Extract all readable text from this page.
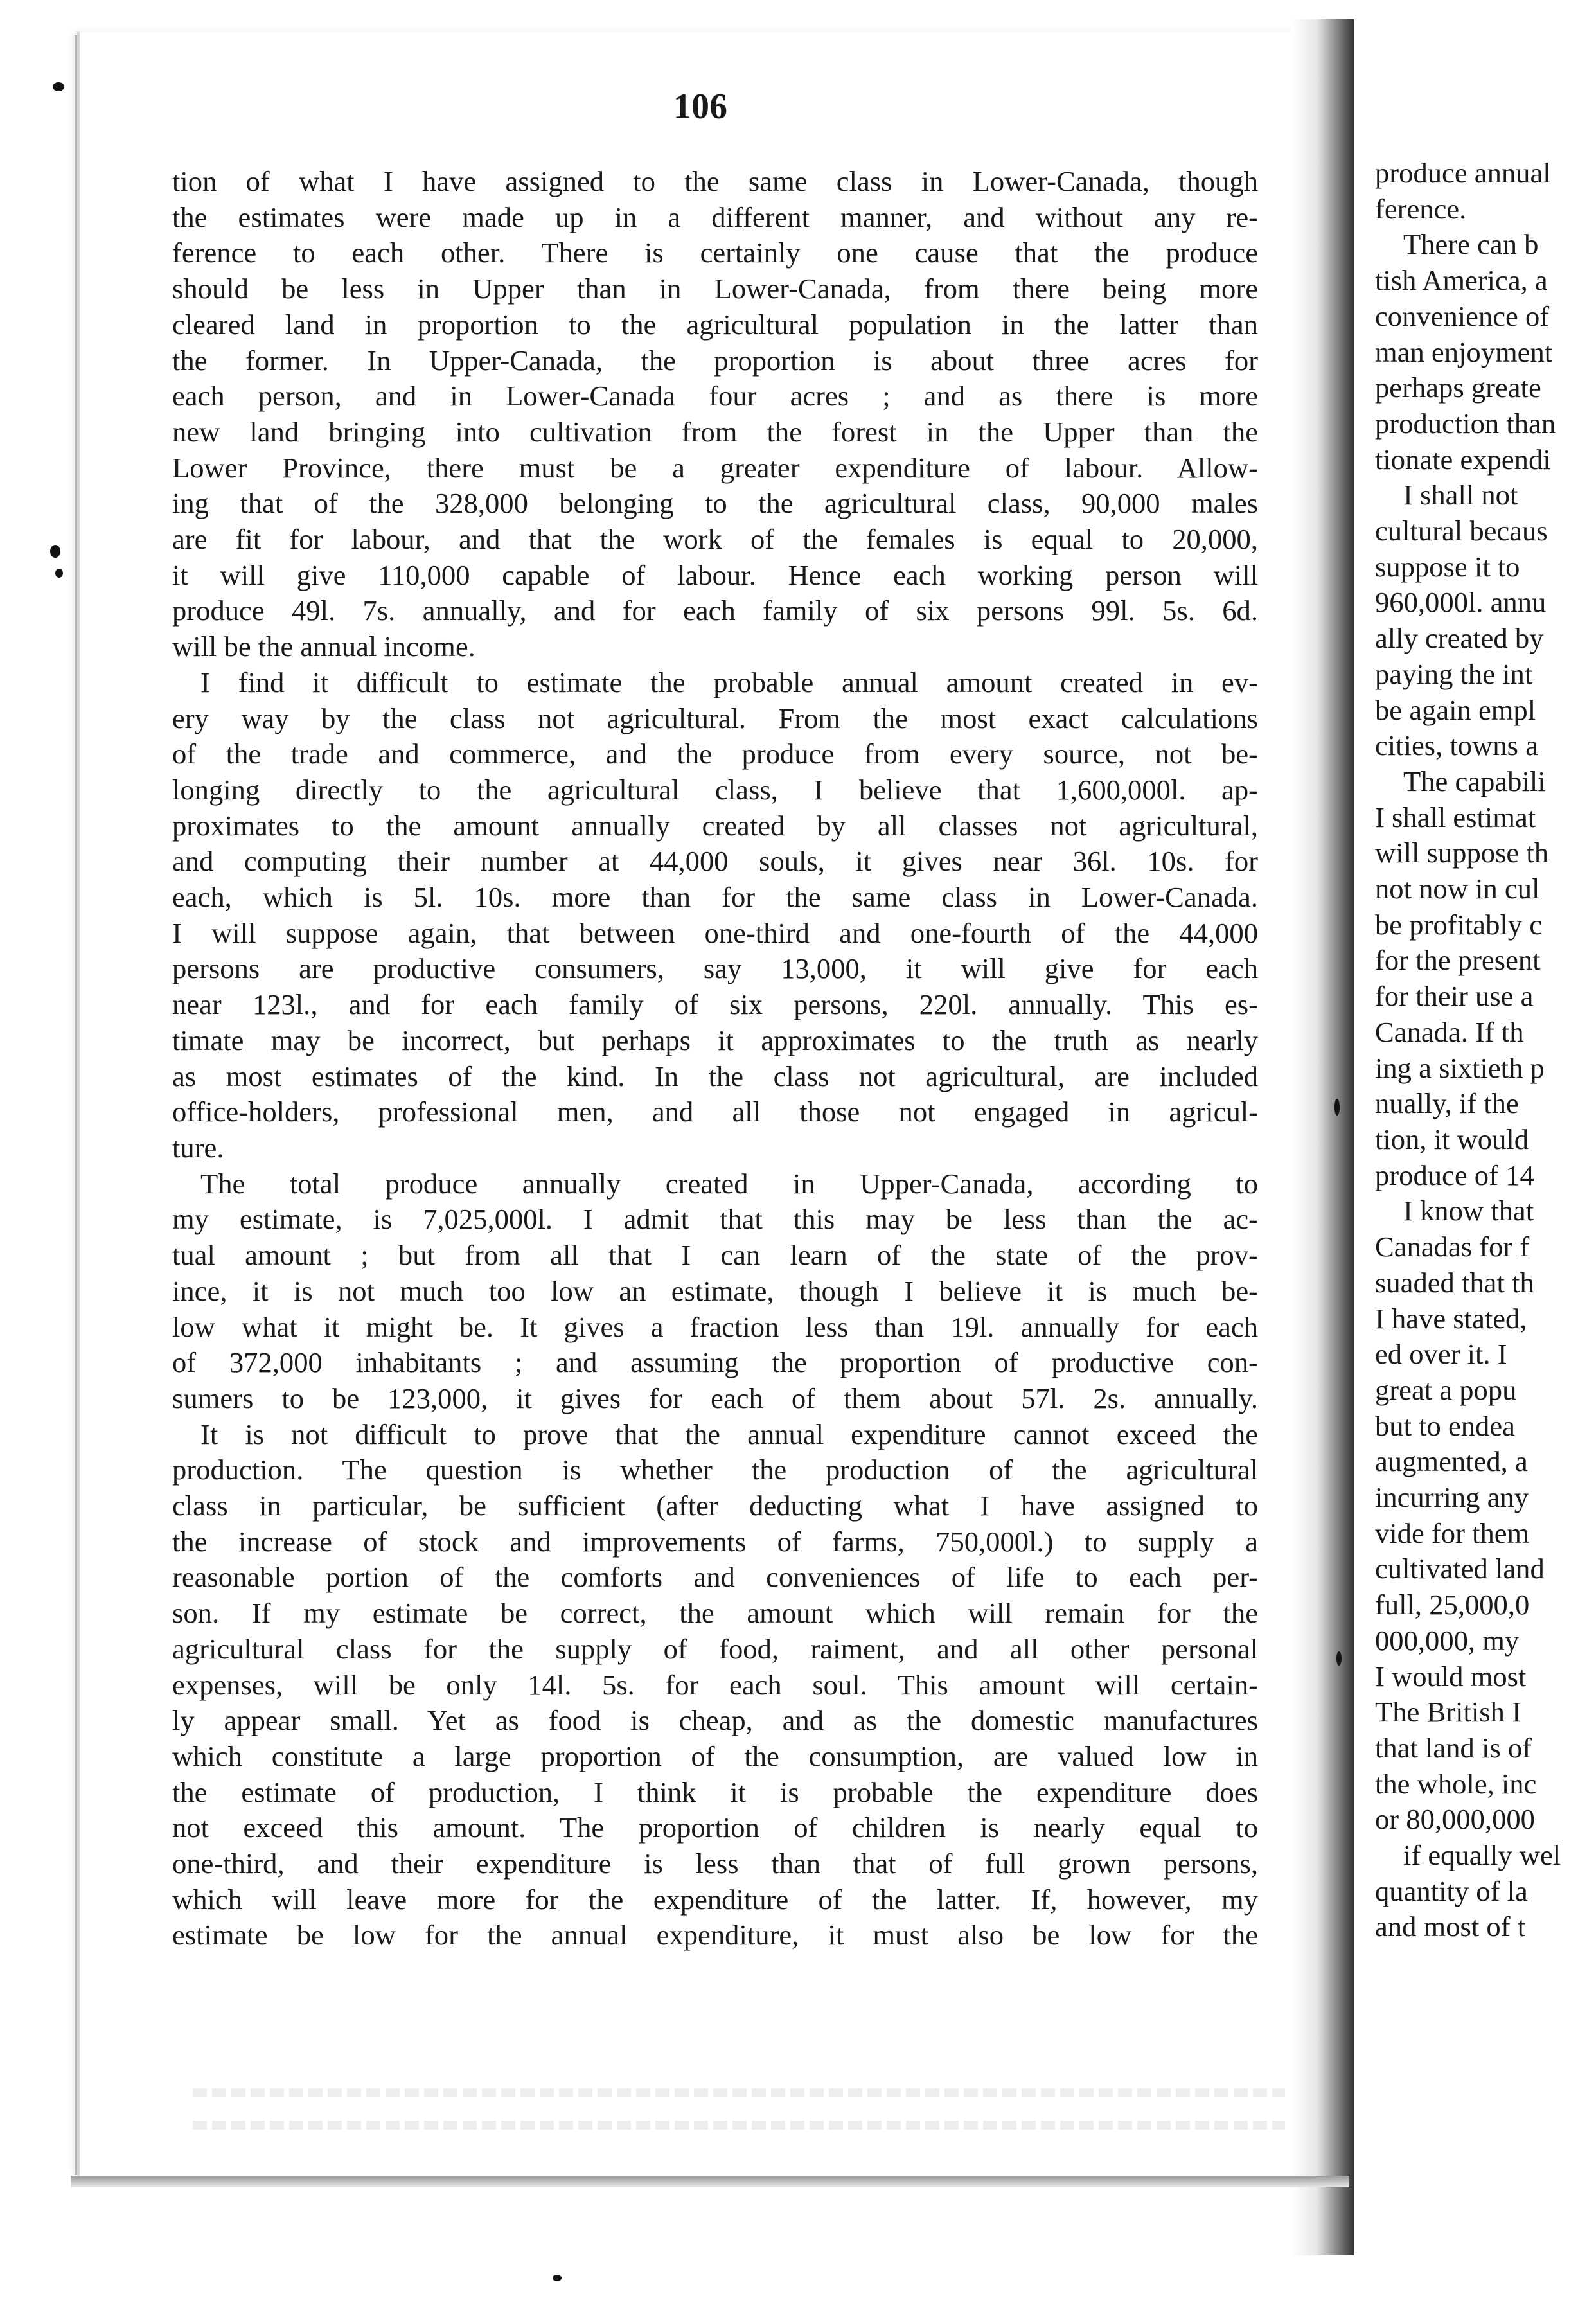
106

tion of what I have assigned to the same class in Lower-Canada, though

the estimates were made up in a different manner, and without any re-

ference to each other. There is certainly one cause that the produce

should be less in Upper than in Lower-Canada, from there being more

cleared land in proportion to the agricultural population in the latter than

the former. In Upper-Canada, the proportion is about three acres for

each person, and in Lower-Canada four acres ; and as there is more

new land bringing into cultivation from the forest in the Upper than the

Lower Province, there must be a greater expenditure of labour. Allow-

ing that of the 328,000 belonging to the agricultural class, 90,000 males

are fit for labour, and that the work of the females is equal to 20,000,

it will give 110,000 capable of labour. Hence each working person will

produce 49l. 7s. annually, and for each family of six persons 99l. 5s. 6d.

will be the annual income.

I find it difficult to estimate the probable annual amount created in ev-

ery way by the class not agricultural. From the most exact calculations

of the trade and commerce, and the produce from every source, not be-

longing directly to the agricultural class, I believe that 1,600,000l. ap-

proximates to the amount annually created by all classes not agricultural,

and computing their number at 44,000 souls, it gives near 36l. 10s. for

each, which is 5l. 10s. more than for the same class in Lower-Canada.

I will suppose again, that between one-third and one-fourth of the 44,000

persons are productive consumers, say 13,000, it will give for each

near 123l., and for each family of six persons, 220l. annually. This es-

timate may be incorrect, but perhaps it approximates to the truth as nearly

as most estimates of the kind. In the class not agricultural, are included

office-holders, professional men, and all those not engaged in agricul-

ture.

The total produce annually created in Upper-Canada, according to

my estimate, is 7,025,000l. I admit that this may be less than the ac-

tual amount ; but from all that I can learn of the state of the prov-

ince, it is not much too low an estimate, though I believe it is much be-

low what it might be. It gives a fraction less than 19l. annually for each

of 372,000 inhabitants ; and assuming the proportion of productive con-

sumers to be 123,000, it gives for each of them about 57l. 2s. annually.

It is not difficult to prove that the annual expenditure cannot exceed the

production. The question is whether the production of the agricultural

class in particular, be sufficient (after deducting what I have assigned to

the increase of stock and improvements of farms, 750,000l.) to supply a

reasonable portion of the comforts and conveniences of life to each per-

son. If my estimate be correct, the amount which will remain for the

agricultural class for the supply of food, raiment, and all other personal

expenses, will be only 14l. 5s. for each soul. This amount will certain-

ly appear small. Yet as food is cheap, and as the domestic manufactures

which constitute a large proportion of the consumption, are valued low in

the estimate of production, I think it is probable the expenditure does

not exceed this amount. The proportion of children is nearly equal to

one-third, and their expenditure is less than that of full grown persons,

which will leave more for the expenditure of the latter. If, however, my

estimate be low for the annual expenditure, it must also be low for the

produce annual

ference.

There can b

tish America, a

convenience of

man enjoyment

perhaps greate

production than

tionate expendi

I shall not

cultural becaus

suppose it to

960,000l. annu

ally created by

paying the int

be again empl

cities, towns a

The capabili

I shall estimat

will suppose th

not now in cul

be profitably c

for the present

for their use a

Canada. If th

ing a sixtieth p

nually, if the

tion, it would

produce of 14

I know that

Canadas for f

suaded that th

I have stated,

ed over it. I

great a popu

but to endea

augmented, a

incurring any

vide for them

cultivated land

full, 25,000,0

000,000, my

I would most

The British I

that land is of

the whole, inc

or 80,000,000

if equally wel

quantity of la

and most of t
